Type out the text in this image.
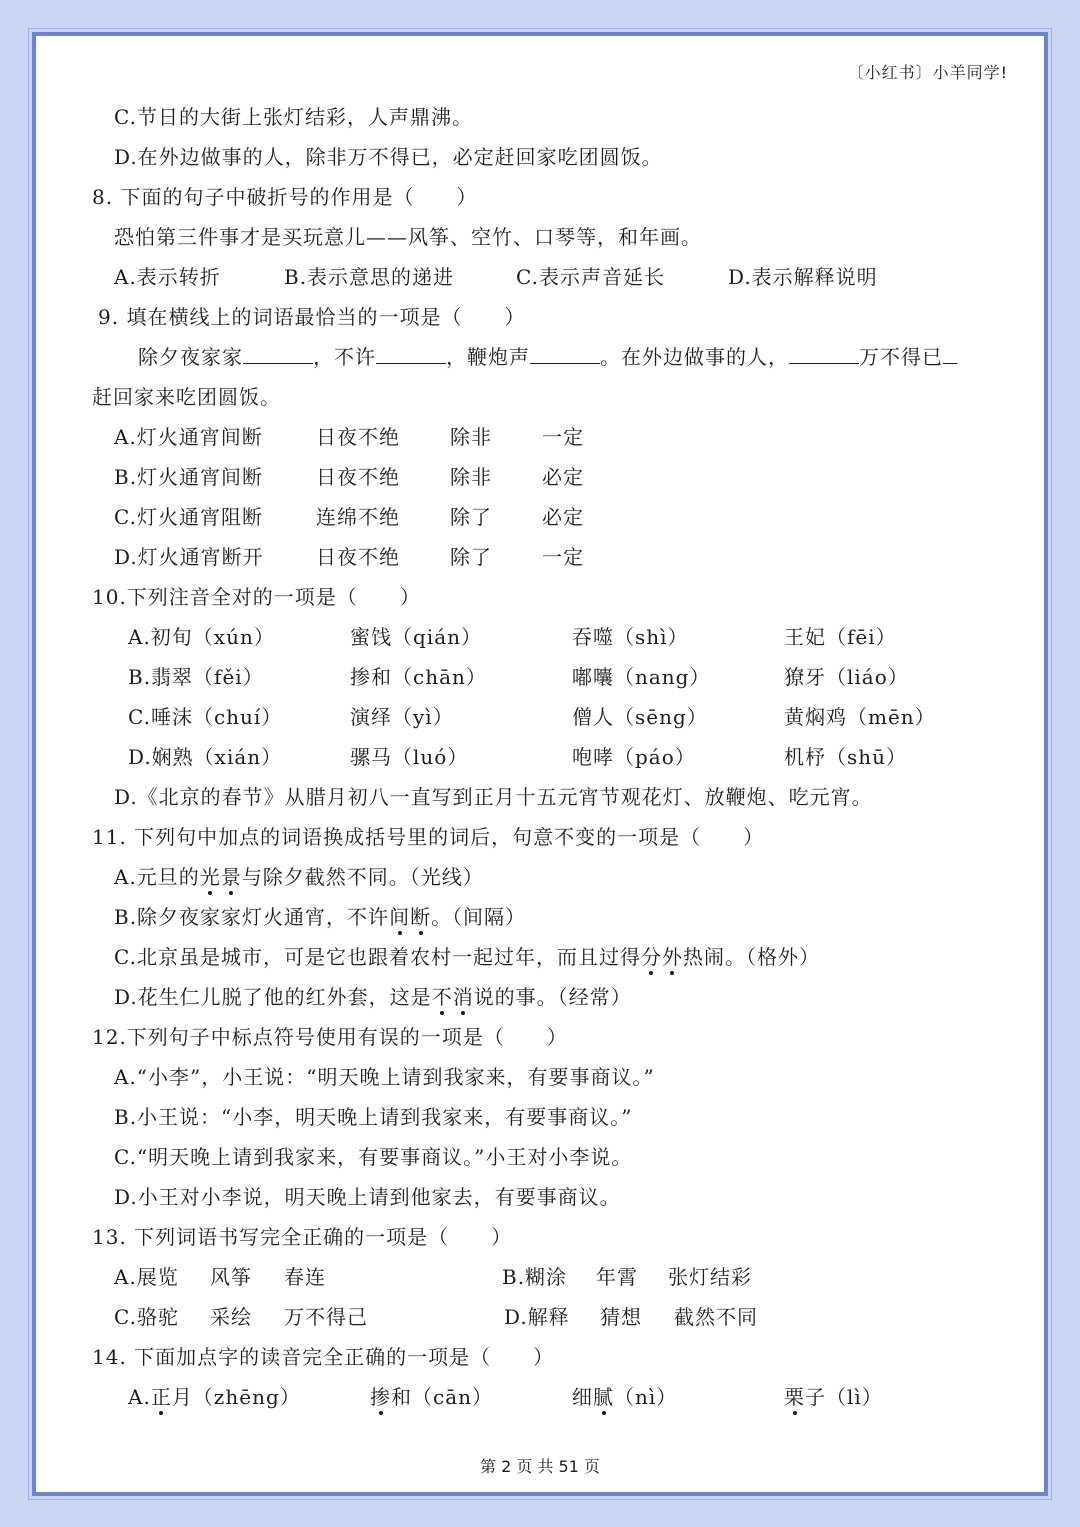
〔小红书〕小羊同学!
C.节日的大街上张灯结彩，人声鼎沸。
D.在外边做事的人，除非万不得已，必定赶回家吃团圆饭。
8. 下面的句子中破折号的作用是（　　）
恐怕第三件事才是买玩意儿——风筝、空竹、口琴等，和年画。
A.表示转折	B.表示意思的递进	C.表示声音延长	D.表示解释说明
9. 填在横线上的词语最恰当的一项是（　　）
除夕夜家家	，不许	，鞭炮声	。在外边做事的人，	万不得已
赶回家来吃团圆饭。
A.灯火通宵间断	日夜不绝	除非	一定
B.灯火通宵间断	日夜不绝	除非	必定
C.灯火通宵阻断	连绵不绝	除了	必定
D.灯火通宵断开	日夜不绝	除了	一定
10.下列注音全对的一项是（　　）
A.初旬（xún）	蜜饯（qián）	吞噬（shì）	王妃（fēi）
B.翡翠（fěi）	掺和（chān）	嘟囔（nang）	獠牙（liáo）
C.唾沫（chuí）	演绎（yì）	僧人（sēng）	黄焖鸡（mēn）
D.娴熟（xián）	骡马（luó）	咆哮（páo）	机杼（shū）
D.《北京的春节》从腊月初八一直写到正月十五元宵节观花灯、放鞭炮、吃元宵。
11. 下列句中加点的词语换成括号里的词后，句意不变的一项是（　　）
A.元旦的光景与除夕截然不同。（光线）
B.除夕夜家家灯火通宵，不许间断。（间隔）
C.北京虽是城市，可是它也跟着农村一起过年，而且过得分外热闹。（格外）
D.花生仁儿脱了他的红外套，这是不消说的事。（经常）
12.下列句子中标点符号使用有误的一项是（　　）
A.“小李”，小王说：“明天晚上请到我家来，有要事商议。”
B.小王说：“小李，明天晚上请到我家来，有要事商议。”
C.“明天晚上请到我家来，有要事商议。”小王对小李说。
D.小王对小李说，明天晚上请到他家去，有要事商议。
13. 下列词语书写完全正确的一项是（　　）
A.展览 风筝 春连	B.糊涂 年霄 张灯结彩
C.骆驼 采绘 万不得己	D.解释 猜想 截然不同
14. 下面加点字的读音完全正确的一项是（　　）
A.正月（zhēng）	掺和（cān）	细腻（nì）	栗子（lì）
第 2 页 共 51 页
